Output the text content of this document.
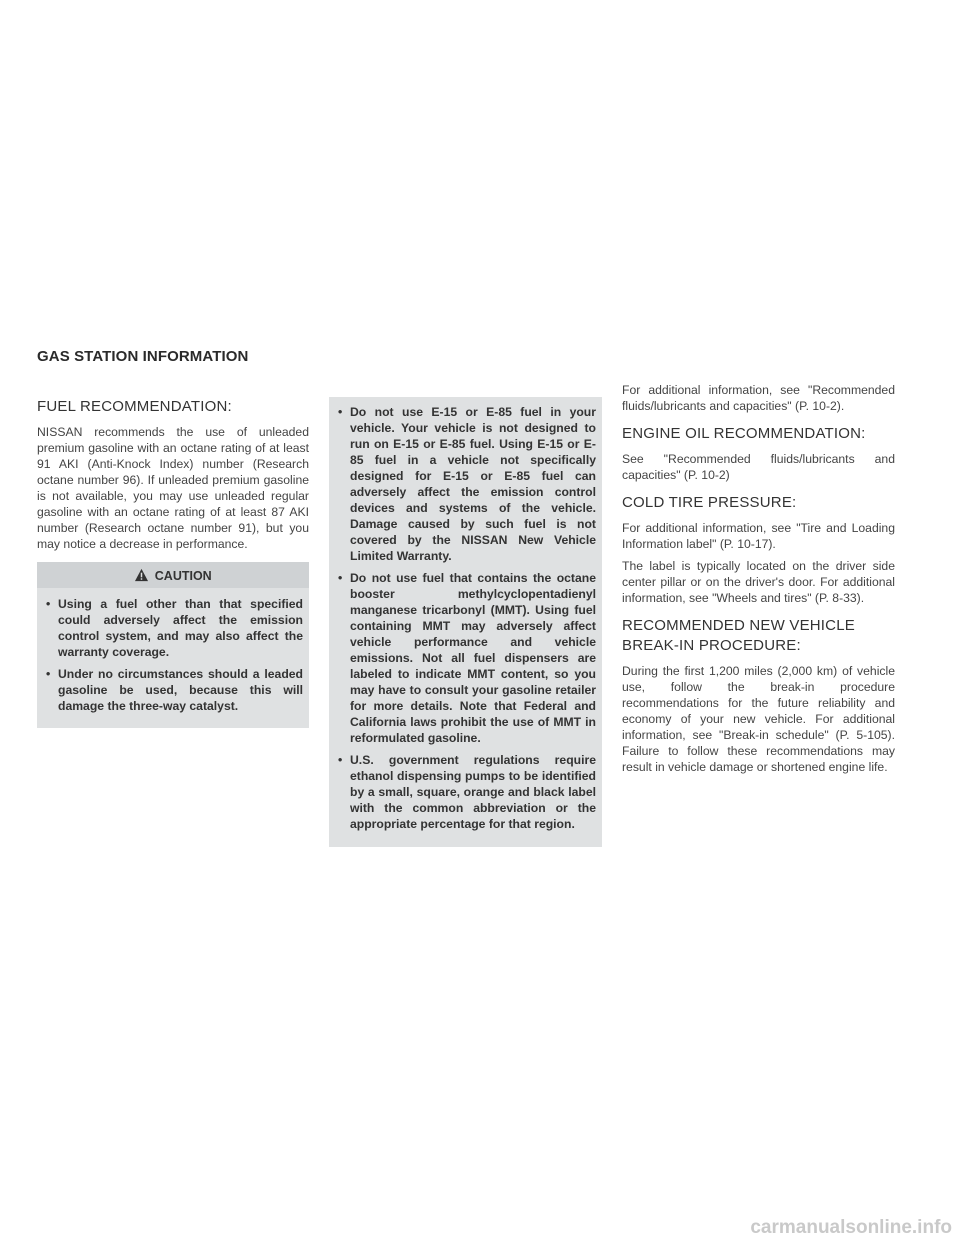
GAS STATION INFORMATION
FUEL RECOMMENDATION:

NISSAN recommends the use of unleaded premium gasoline with an octane rating of at least 91 AKI (Anti-Knock Index) number (Research octane number 96). If unleaded premium gasoline is not available, you may use unleaded regular gasoline with an octane rating of at least 87 AKI number (Research octane number 91), but you may notice a decrease in performance.

CAUTION
• Using a fuel other than that specified could adversely affect the emission control system, and may also affect the warranty coverage.
• Under no circumstances should a leaded gasoline be used, because this will damage the three-way catalyst.
• Do not use E-15 or E-85 fuel in your vehicle. Your vehicle is not designed to run on E-15 or E-85 fuel. Using E-15 or E-85 fuel in a vehicle not specifically designed for E-15 or E-85 fuel can adversely affect the emission control devices and systems of the vehicle. Damage caused by such fuel is not covered by the NISSAN New Vehicle Limited Warranty.
• Do not use fuel that contains the octane booster methylcyclopentadienyl manganese tricarbonyl (MMT). Using fuel containing MMT may adversely affect vehicle performance and vehicle emissions. Not all fuel dispensers are labeled to indicate MMT content, so you may have to consult your gasoline retailer for more details. Note that Federal and California laws prohibit the use of MMT in reformulated gasoline.
• U.S. government regulations require ethanol dispensing pumps to be identified by a small, square, orange and black label with the common abbreviation or the appropriate percentage for that region.

For additional information, see "Recommended fluids/lubricants and capacities" (P. 10-2).

ENGINE OIL RECOMMENDATION:

See "Recommended fluids/lubricants and capacities" (P. 10-2)

COLD TIRE PRESSURE:

For additional information, see "Tire and Loading Information label" (P. 10-17).

The label is typically located on the driver side center pillar or on the driver's door. For additional information, see "Wheels and tires" (P. 8-33).

RECOMMENDED NEW VEHICLE
BREAK-IN PROCEDURE:

During the first 1,200 miles (2,000 km) of vehicle use, follow the break-in procedure recommendations for the future reliability and economy of your new vehicle. For additional information, see "Break-in schedule" (P. 5-105). Failure to follow these recommendations may result in vehicle damage or shortened engine life.

carmanualsonline.info
